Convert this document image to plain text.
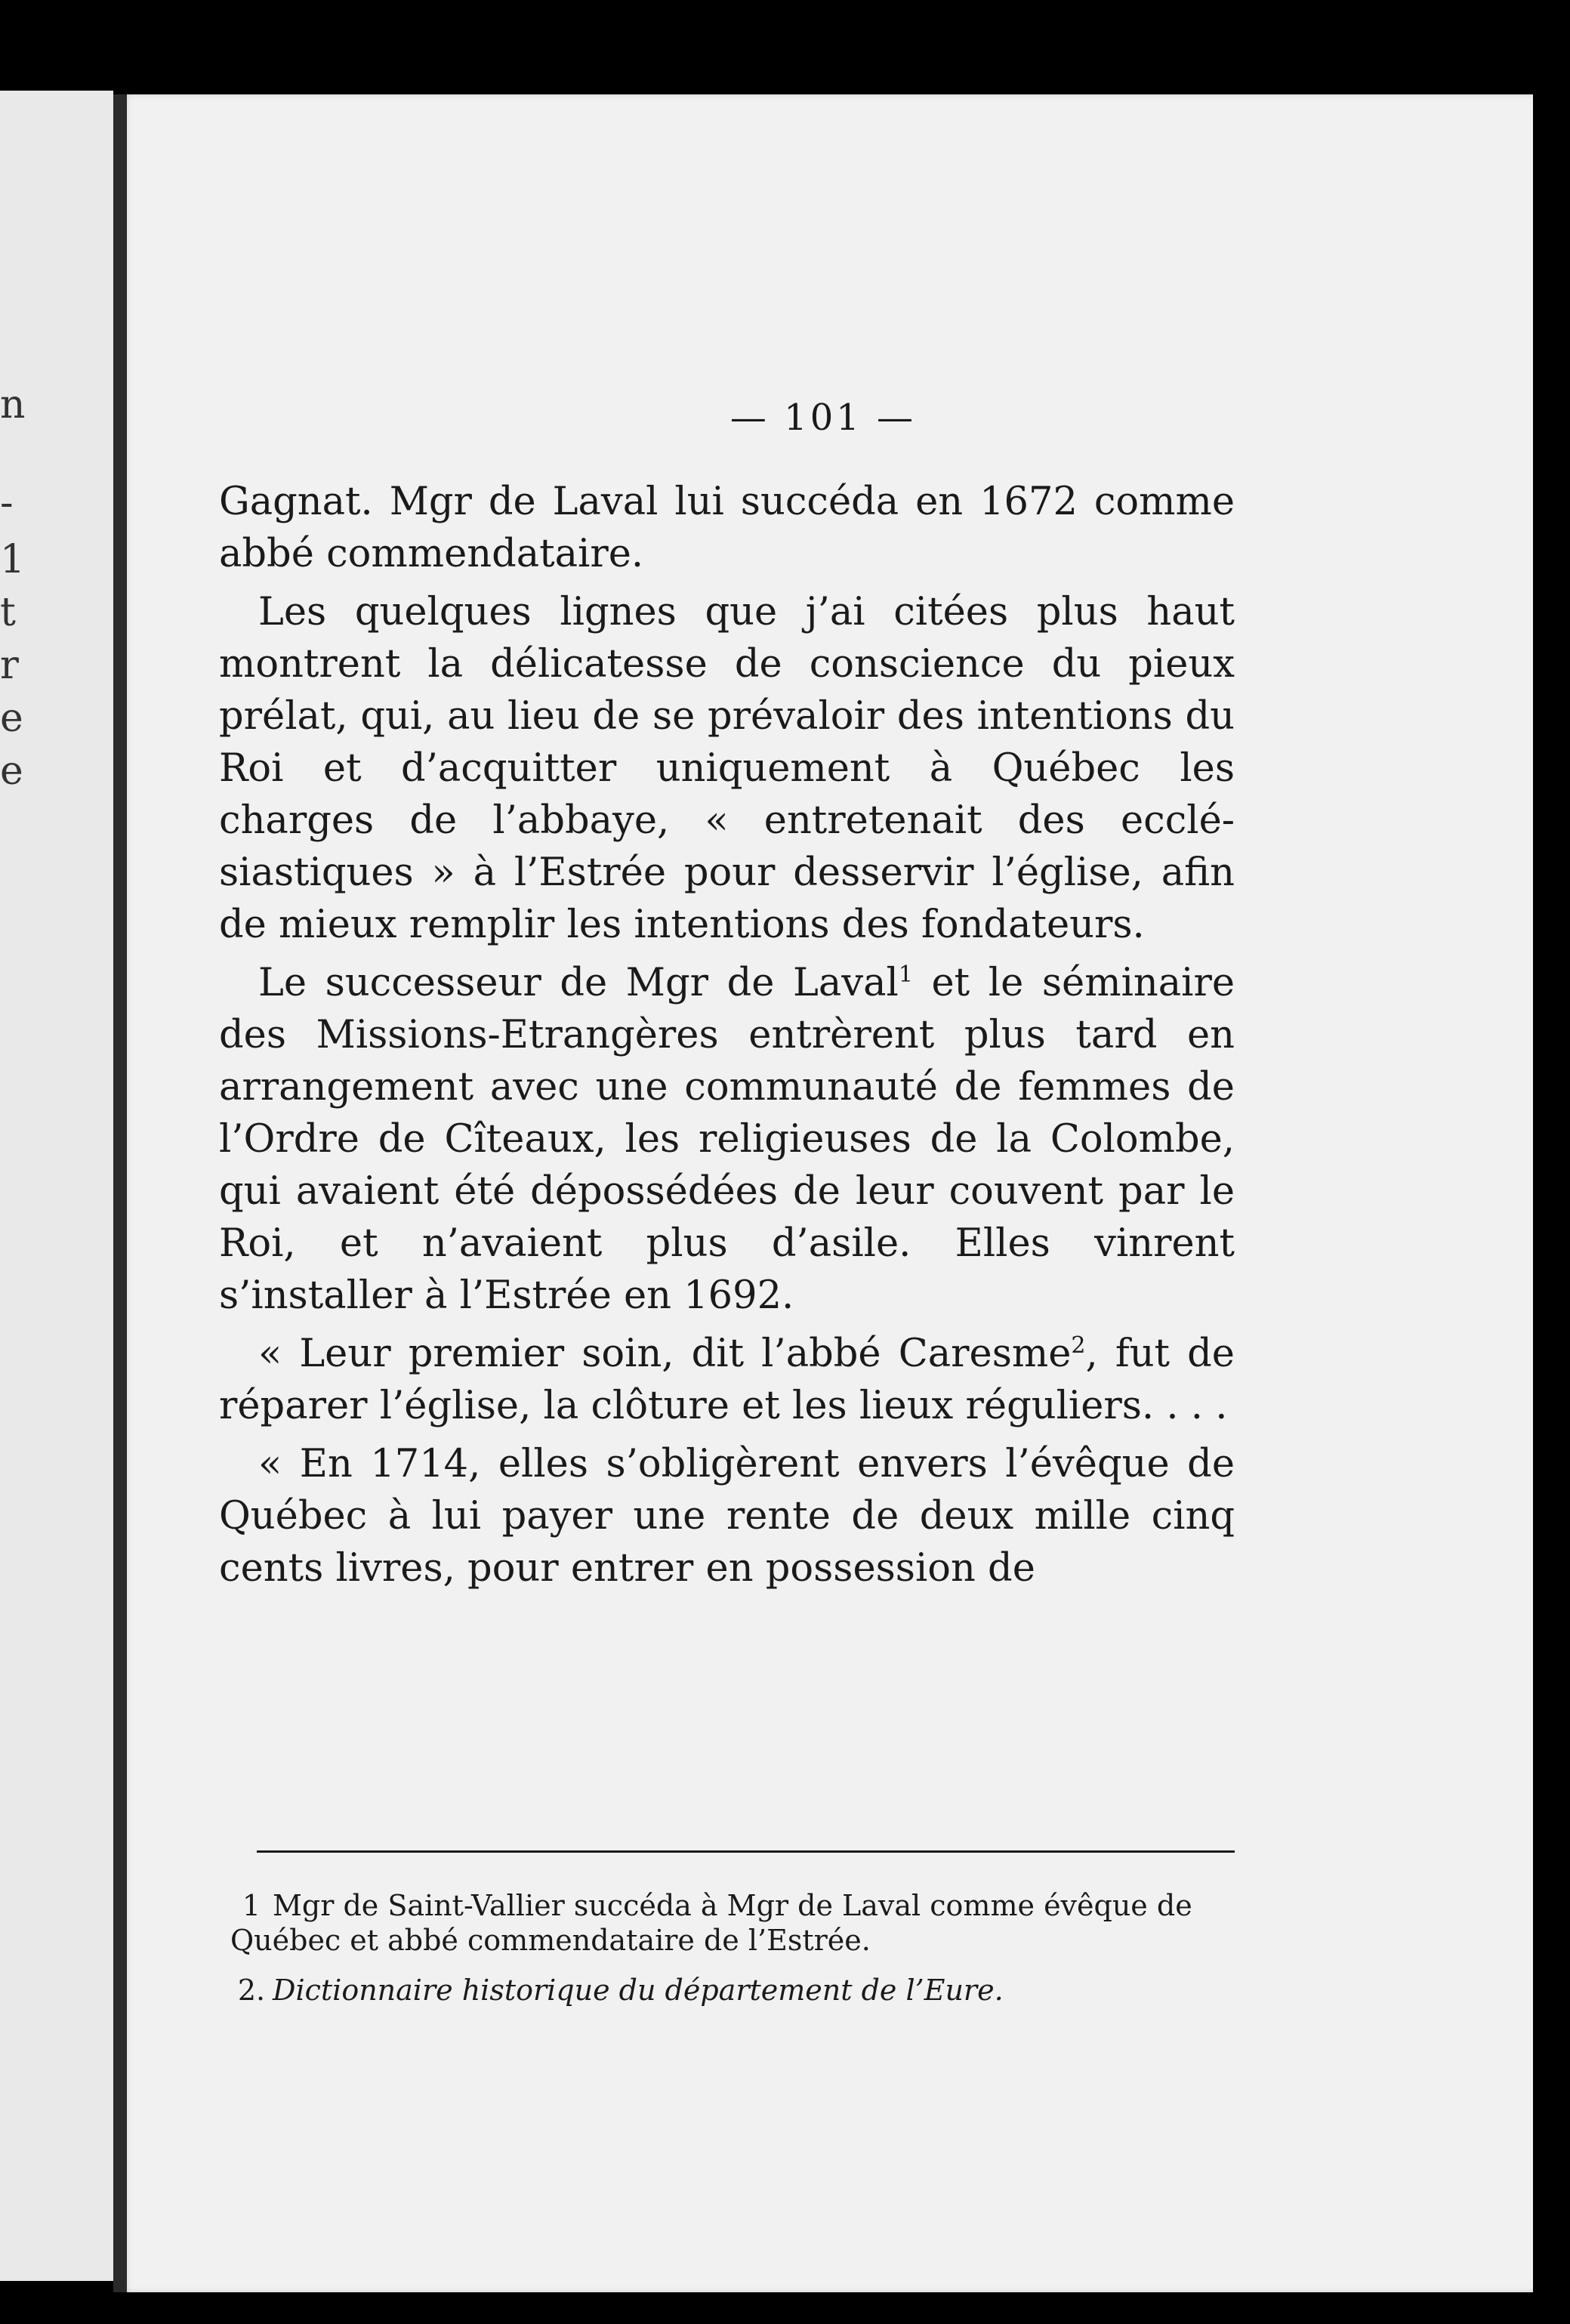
n
-
1
t
r
e
e
— 101 —

Gagnat. Mgr de Laval lui succéda en 1672 comme abbé commendataire.

Les quelques lignes que j’ai citées plus haut montrent la délicatesse de conscience du pieux prélat, qui, au lieu de se prévaloir des intentions du Roi et d’acquitter uniquement à Québec les charges de l’abbaye, « entretenait des ecclésiastiques » à l’Estrée pour desservir l’église, afin de mieux remplir les intentions des fondateurs.

Le successeur de Mgr de Laval$^1$ et le séminaire des Missions-Etrangères entrèrent plus tard en arrangement avec une communauté de femmes de l’Ordre de Cîteaux, les religieuses de la Colombe, qui avaient été dépossédées de leur couvent par le Roi, et n’avaient plus d’asile. Elles vinrent s’installer à l’Estrée en 1692.

« Leur premier soin, dit l’abbé Caresme$^2$, fut de réparer l’église, la clôture et les lieux réguliers. . . .

« En 1714, elles s’obligèrent envers l’évêque de Québec à lui payer une rente de deux mille cinq cents livres, pour entrer en possession de

1 Mgr de Saint-Vallier succéda à Mgr de Laval comme évêque de Québec et abbé commendataire de l’Estrée.

2. Dictionnaire historique du département de l’Eure.
